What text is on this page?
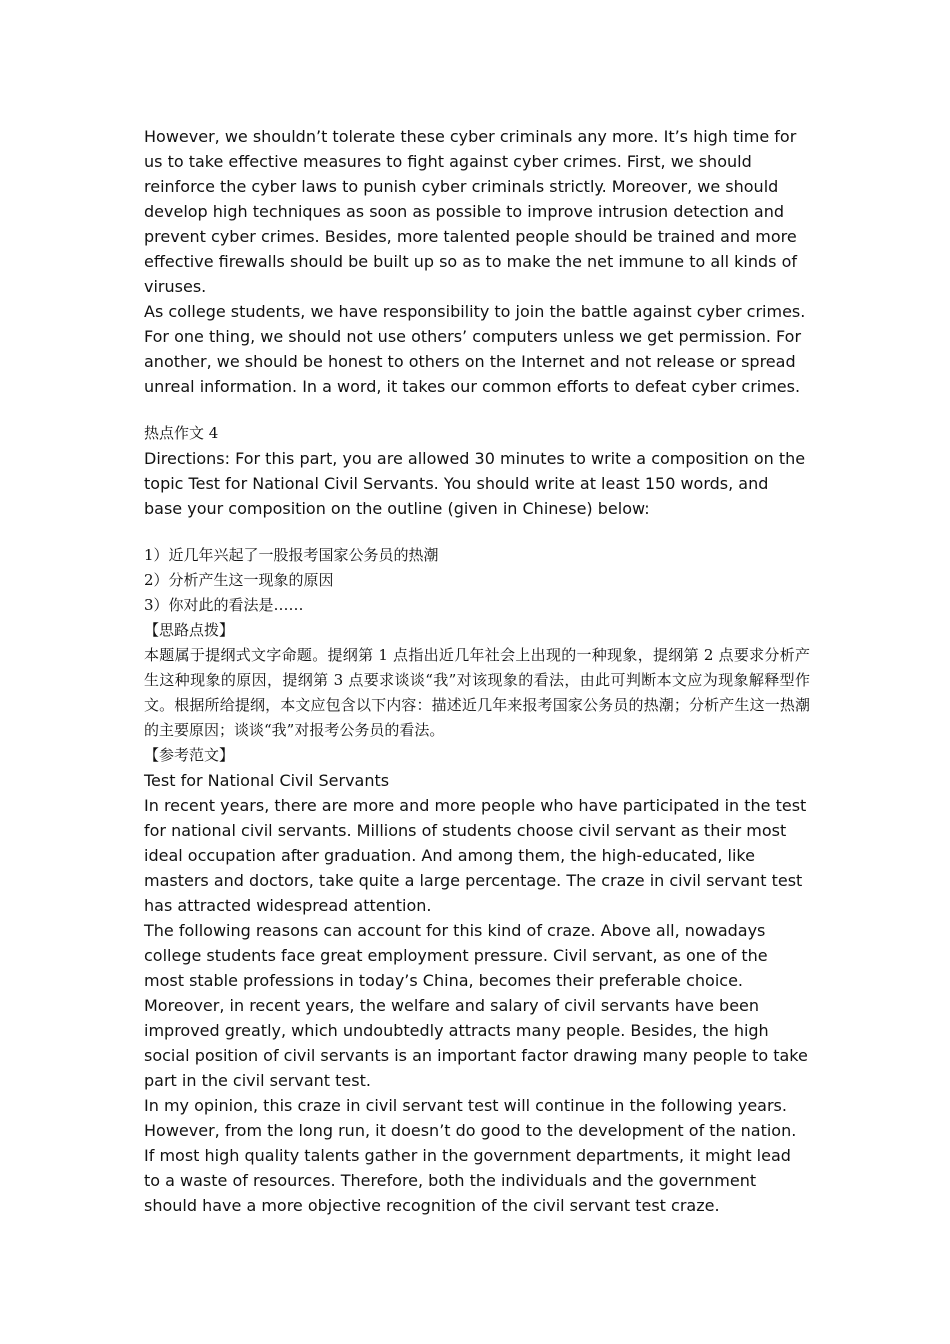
However, we shouldn’t tolerate these cyber criminals any more. It’s high time for us to take effective measures to fight against cyber crimes. First, we should reinforce the cyber laws to punish cyber criminals strictly. Moreover, we should develop high techniques as soon as possible to improve intrusion detection and prevent cyber crimes. Besides, more talented people should be trained and more effective firewalls should be built up so as to make the net immune to all kinds of viruses.

As college students, we have responsibility to join the battle against cyber crimes. For one thing, we should not use others’ computers unless we get permission. For another, we should be honest to others on the Internet and not release or spread unreal information. In a word, it takes our common efforts to defeat cyber crimes.

热点作文 4

Directions: For this part, you are allowed 30 minutes to write a composition on the topic Test for National Civil Servants. You should write at least 150 words, and base your composition on the outline (given in Chinese) below:

1）近几年兴起了一股报考国家公务员的热潮

2）分析产生这一现象的原因

3）你对此的看法是……

【思路点拨】

本题属于提纲式文字命题。提纲第 1 点指出近几年社会上出现的一种现象，提纲第 2 点要求分析产生这种现象的原因，提纲第 3 点要求谈谈“我”对该现象的看法，由此可判断本文应为现象解释型作文。根据所给提纲，本文应包含以下内容：描述近几年来报考国家公务员的热潮；分析产生这一热潮的主要原因；谈谈“我”对报考公务员的看法。

【参考范文】

Test for National Civil Servants

In recent years, there are more and more people who have participated in the test for national civil servants. Millions of students choose civil servant as their most ideal occupation after graduation. And among them, the high-educated, like masters and doctors, take quite a large percentage. The craze in civil servant test has attracted widespread attention.

The following reasons can account for this kind of craze. Above all, nowadays college students face great employment pressure. Civil servant, as one of the most stable professions in today’s China, becomes their preferable choice. Moreover, in recent years, the welfare and salary of civil servants have been improved greatly, which undoubtedly attracts many people. Besides, the high social position of civil servants is an important factor drawing many people to take part in the civil servant test.

In my opinion, this craze in civil servant test will continue in the following years. However, from the long run, it doesn’t do good to the development of the nation. If most high quality talents gather in the government departments, it might lead to a waste of resources. Therefore, both the individuals and the government should have a more objective recognition of the civil servant test craze.
